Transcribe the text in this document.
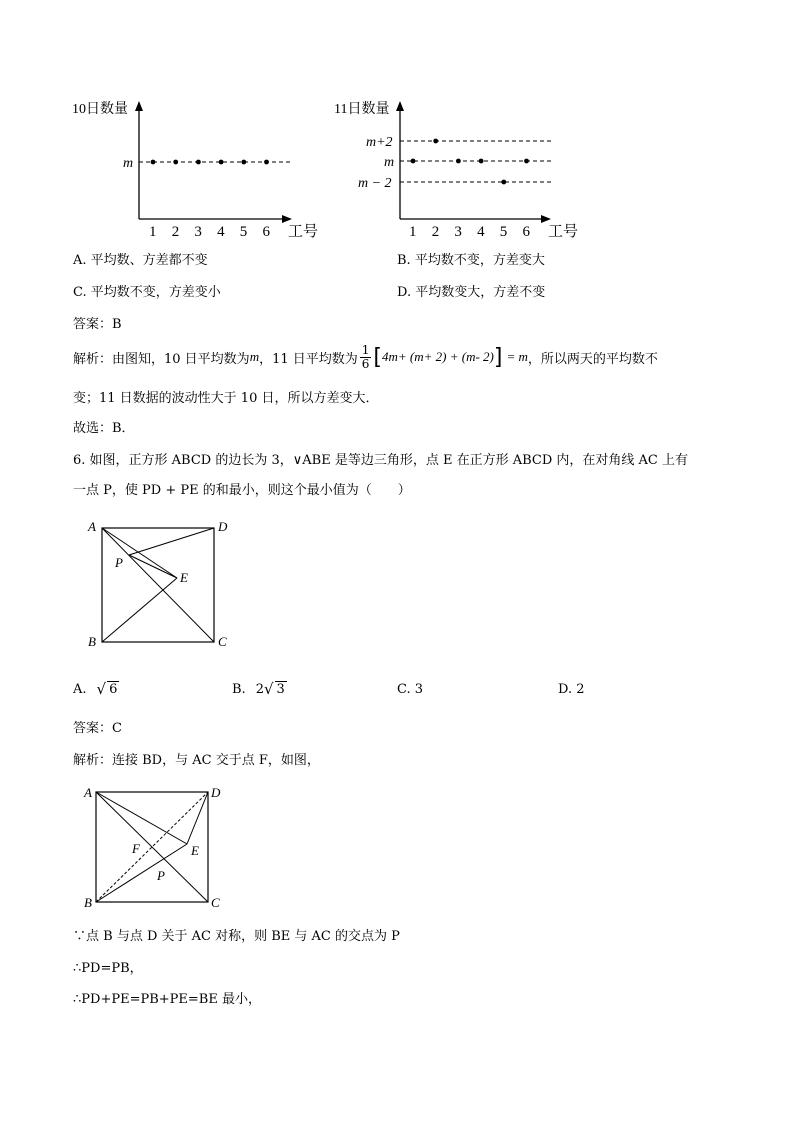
10日数量
m
1 2 3 4 5 6 工号
11日数量
m+2
m
m − 2
1 2 3 4 5 6 工号
A. 平均数、方差都不变	B. 平均数不变，方差变大
C. 平均数不变，方差变小	D. 平均数变大，方差不变
答案：B
解析：由图知，10 日平均数为 m ，11 日平均数为 $\frac{1}{6}$ [ 4m+ (m+ 2) + (m- 2) ] = m ，所以两天的平均数不
变；11 日数据的波动性大于 10 日，所以方差变大．
故选：B．
6. 如图，正方形 ABCD 的边长为 3，∨ABE 是等边三角形，点 E 在正方形 ABCD 内，在对角线 AC 上有
一点 P，使 PD + PE 的和最小，则这个最小值为（　　）
A	D
B	C
E
P
A. √ 6	B. 2 √ 3	C. 3	D. 2
答案：C
解析：连接 BD，与 AC 交于点 F，如图，
A	D
B	C
E
F
P
∵点 B 与点 D 关于 AC 对称，则 BE 与 AC 的交点为 P
∴PD=PB，
∴PD+PE=PB+PE=BE 最小，
